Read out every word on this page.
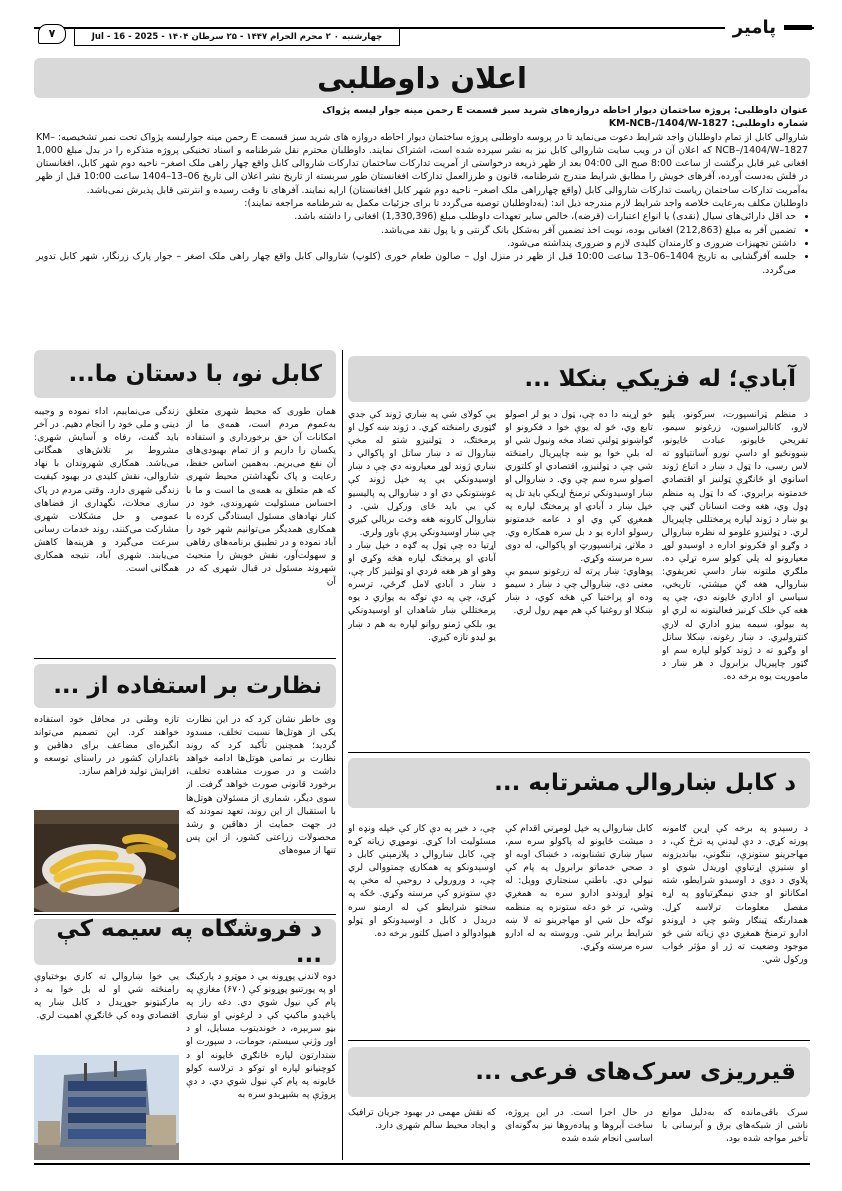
۷	چهارشنبه ۰ ۲ محرم الحرام ۱۴۴۷ - ۲۵ سرطان ۱۴۰۴ - Jul - 16 - 2025	پامیر
اعلان داوطلبی

عنوان داوطلبی: پروژه ساختمان دیوار احاطه دروازه‌های شرید سبز قسمت E رحمن مینه جوار لیسه پژواک

شماره داوطلبی: KM-NCB-/1404/W-1827

شاروالی کابل از تمام داوطلبان واجد شرایط دعوت می‌نماید تا در پروسه داوطلبی پروژه ساختمان دیوار احاطه دروازه های شرید سبز قسمت E رحمن مینه جوارلیسه پژواک تحت نمبر تشخیصیه: KM–NCB–/1404/W–1827 که اعلان آن در ویب سایت شاروالی کابل نیز به نشر سپرده شده است، اشتراک نمایند. داوطلبان محترم نقل شرطنامه و اسناد تخنیکی پروژه متذکره را در بدل مبلغ 1,000 افغانی غیر قابل برگشت از ساعت 8:00 صبح الی 04:00 بعد از ظهر ذریعه درخواستی از آمریت تدارکات ساختمان تدارکات شاروالی کابل واقع چهار راهی ملک اصغر– ناحیه دوم شهر کابل، افغانستان در فلش به‌دست آورده، آفرهای خویش را مطابق شرایط مندرج شرطنامه، قانون و طرزالعمل تدارکات افغانستان طور سربسته از تاریخ نشر اعلان الی تاریخ 06–13–1404 ساعت 10:00 قبل از ظهر به‌آمریت تدارکات ساختمان ریاست تدارکات شاروالی کابل (واقع چهارراهی ملک اصغر– ناحیه دوم شهر کابل افغانستان) ارایه نمایند. آفرهای نا وقت رسیده و انترنتی قابل پذیرش نمی‌باشد.

داوطلبان مکلف به‌رعایت خلاصه واجد شرایط لازم مندرجه ذیل اند: (به‌داوطلبان توصیه می‌گردد تا برای جزئیات مکمل به شرطنامه مراجعه نمایند):

• حد اقل دارائی‌های سیال (نقدی) یا انواع اعتبارات (قرضه)، خالص سایر تعهدات داوطلب مبلغ (1,330,396) افغانی را داشته باشد.
• تضمین آفر به مبلغ (212,863) افغانی بوده، نوبت اخذ تضمین آفر به‌شکل بانک گرنتی و یا پول نقد می‌باشد.
• داشتن تجهیزات ضروری و کارمندان کلیدی لازم و ضروری پنداشته می‌شود.
• جلسه آفرگشایی به تاریخ 1404–06–13 ساعت 10:00 قبل از ظهر در منزل اول – صالون طعام خوری (کلوپ) شاروالی کابل واقع چهار راهی ملک اصغر – جوار پارک زرنگار، شهر کابل تدویر می‌گردد.
آبادي؛ له فزيکي بنکلا ...

د منظم ټرانسپورت، سرکونو، پلیو لارو، کانالیزاسیون، زرغونو سیمو، تفریحي ځایونو، عبادت ځایونو، ښوونځیو او داسې نورو آسانتیاوو ته لاس رسی، دا ټول د ښار د اتباع ژوند اسانوي او ځانګړې ټولنيز او اقتصادي خدمتونه برابروي. که دا ټول په منظم ډول وي، هغه وخت انسانان ګڼي چې یو ښار د ژوند لپاره پرمختللی چاپيریال لري. د ټولنيزو علومو له نظره ښاروالۍ د وګړو او فکرونو اداره د اوسیدو لوړ معیارونو له پلي کولو سره تړلې ده. ملګري ملتونه ښار داسې تعریفوي: ښاروالۍ، هغه ګڼ میشتي، تاریخي، سیاسي او اداري ځایونه دي، چې په هغه کې خلک کړنیز فعالیتونه نه لري او په بيولو، سیمه ییزو اداري له لارې کنټرولیږي. د ښار رغونه، ښکلا ساتل او وګړو ته د ژوند کولو لپاره سم او ګټور چاپيریال برابرول د هر ښار د ماموریت یوه برخه ده.

خو اړینه دا ده چې، ټول د یو لر اصولو تابع وي، څو له یوې خوا د فکرونو او ګواښونو ټولنې تضاد مخه ونیول شي او له بلې خوا یو ښه چاپیریال رامنځته شي چې د ټولنيزو، اقتصادي او کلتوري اصولو سره سم چې وي. د ښاروالۍ او ښار اوسیدونکي ترمنځ اړیکې باید تل په خپل ښار د آبادۍ او پرمختګ لپاره په همغږۍ کې وي او د عامه خدمتونو رسولو اداره یو د بل سره همکاره وي. د ملاتړ، ټرانسپورټ او پاکوالي، له دوی سره مرسته وکړي.

پوهاوي: ښار پرته له زرغونو سیمو بې معنی دی، ښاروالۍ چې د ښار د سیمو وده او پراختیا کې هڅه کوي، د ښار ښکلا او روغتیا کې هم مهم رول لري.

یې کولای شي په ښاري ژوند کې جدي ګټوري رامنځته کړي. د ژوند ښه کول او پرمختګ، د ټولنیزو شتو له مخې ښاروال ته د ښار ساتل او پاکوالي د ښاري ژوند لوړ معیارونه دي چې د ښار اوسیدونکي یې په خپل ژوند کې غوښتونکي دي او د ښاروالۍ په پالیسیو کې یې باید ځای ورکړل شي. د ښاروالۍ کارونه هغه وخت بریالي کیږي چې ښار اوسیدونکي پرې باور ولري.

اړتیا ده چې ټول په ګډه د خپل ښار د آبادۍ او پرمختګ لپاره هڅه وکړي او وهو او هر هغه فردي او ټولنيز کار چې، د ښار د آبادۍ لامل ګرځي، ترسره کړي، چې په دې توګه به یوازي د یوه پرمختللي ښار شاهدان او اوسیدونکي یو، بلکې ژمنو روانو لپاره به هم د ښار یو لیدو تازه کیږي.

کابل نو، با دستان ما...

همان طوری که محیط شهری متعلق به‌عموم مردم است، همه‌ی ما از امکانات آن حق برخورداری و استفاده یکسان را داریم و از تمام بهبودی‌های آن نفع می‌بریم. به‌همین اساس حفظ، رعایت و پاک نگهداشتن محیط شهری که هم متعلق به همه‌ی ما است و ما با احساس مسئولیت شهروندی، خود در کنار نهادهای مسئول ایستادگی کرده با همکاری همدیگر می‌توانیم شهر خود را آباد نموده و در تطبیق برنامه‌های رفاهی و سهولت‌آور، نقش خویش را منحیث شهروند مسئول در قبال شهری که در آن

زندگی می‌نماییم، اداء نموده و وجیبه دینی و ملی خود را انجام دهیم. در آخر باید گفت، رفاه و آسایش شهری: مشروط بر تلاش‌های همگانی می‌باشد. همکاری شهروندان با نهاد شاروالی، نقش کلیدی در بهبود کیفیت زندگی شهری دارد. وقتی مردم در پاک سازی محلات، نگهداری از فضاهای عمومی و حل مشکلات شهری مشارکت می‌کنند، روند خدمات رسانی سرعت می‌گیرد و هزینه‌ها کاهش می‌یابند. شهری آباد، نتیجه همکاری همگانی است.

نظارت بر استفاده از ...

وی خاطر نشان کرد که در این نظارت یکی از هوتل‌ها نسبت تخلف، مسدود گردید؛ همچنین تأکید کرد که روند نظارت بر تمامی هوتل‌ها ادامه خواهد داشت و در صورت مشاهده تخلف، برخورد قانونی صورت خواهد گرفت. از سوی دیگر، شماری از مسئولان هوتل‌ها با استقبال از این روند، تعهد نمودند که در جهت حمایت از دهاقین و رشد محصولات زراعتی کشور، از این پس تنها از میوه‌های

تازه وطنی در محافل خود استفاده خواهند کرد. این تصمیم می‌تواند انگیزه‌ای مضاعف برای دهاقین و باغداران کشور در راستای توسعه و افزایش تولید فراهم سازد.	د کابل ښاروالۍ مشرتابه ...

د رسېدو په برخه کې اړین ګامونه پورته کړي. د دې لیدنې په ترڅ کې، د مهاجرینو ستونزې، ننګونې، بیاندیزونه او ښتیزې اړتیاوې اوریدل شوي او پلاوي د دوی د اوسیدو شرایطو، شته امکاناتو او جدي نیمګړتیاوو په اړه مفصل معلومات ترلاسه کړل. همدارنګه ټینګار وشو چې د اړوندو ادارو ترمنځ همغږي دې زیاته شي څو موجود وضعیت ته ژر او مؤثر ځواب ورکول شي.

کابل ښاروالۍ په خپل لومړني اقدام کې د میشت ځایونو له پاکولو سره سم، سیار ښاري تشنابونه، د څښاک اوبه او د صحي خدماتو برابرول په پام کې نیولي دي. باطنې سنجتاري وویل: له ټولو اړوندو ادارو سره به همغږي وشي، تر څو دغه ستونزه په منظمه توګه حل شي او مهاجرینو ته لا ښه شرایط برابر شي. وروسته به له ادارو سره مرسته وکړي.

چې، د خیر په دې کار کې خپله ونډه او مسئولیت ادا کړي. نوموړي زیاته کړه چې، کابل ښاروالۍ د پلازمېنې کابل د اوسېدونکو په همکارۍ چمتووالی لري چې، د ورورولۍ د روحیې له مخې په دې ستونزو کې مرسته وکړي. ځکه په سختو شرایطو کې له ارمنو سره درېدل د کابل د اوسېدونکو او ټولو هېوادوالو د اصیل کلتور برخه ده.

د فروشګاه په سیمه کې ...

دوه لاندنۍ پوړونه یې د موټرو د پارکینګ او په پورتنیو پوړونو کې (۶۷۰) مغازې په پام کې نیول شوي دي. دغه راز په پاڅېدو ماکیټ کې د لرغوني او ښاري بڼو سربېره، د خوندیتوب مسایل، او د اور وژنې سیستم، جومات، د سپورت او ښتدارتون لپاره ځانګړي ځایونه او د کوچنیانو لپاره او توکو د ترلاسه کولو ځایونه په پام کې نیول شوي دي. د دې پروژې په بشپړېدو سره به

یې خوا ښاروالۍ ته کاري بوختیاوې رامنځته شي او له بل خوا به د مارکیټونو جوړېدل د کابل ښار په اقتصادي وده کې ځانګړې اهمیت لري.

قیرریزی سرک‌های فرعی ...

سرک باقی‌مانده که به‌دلیل موانع ناشی از شبکه‌های برق و آبرسانی با تأخیر مواجه شده بود،

در حال اجرا است. در این پروژه، ساخت آبروها و پیاده‌روها نیز به‌گونه‌ای اساسی انجام شده شده

که نقش مهمی در بهبود جریان ترافیک و ایجاد محیط سالم شهری دارد.
